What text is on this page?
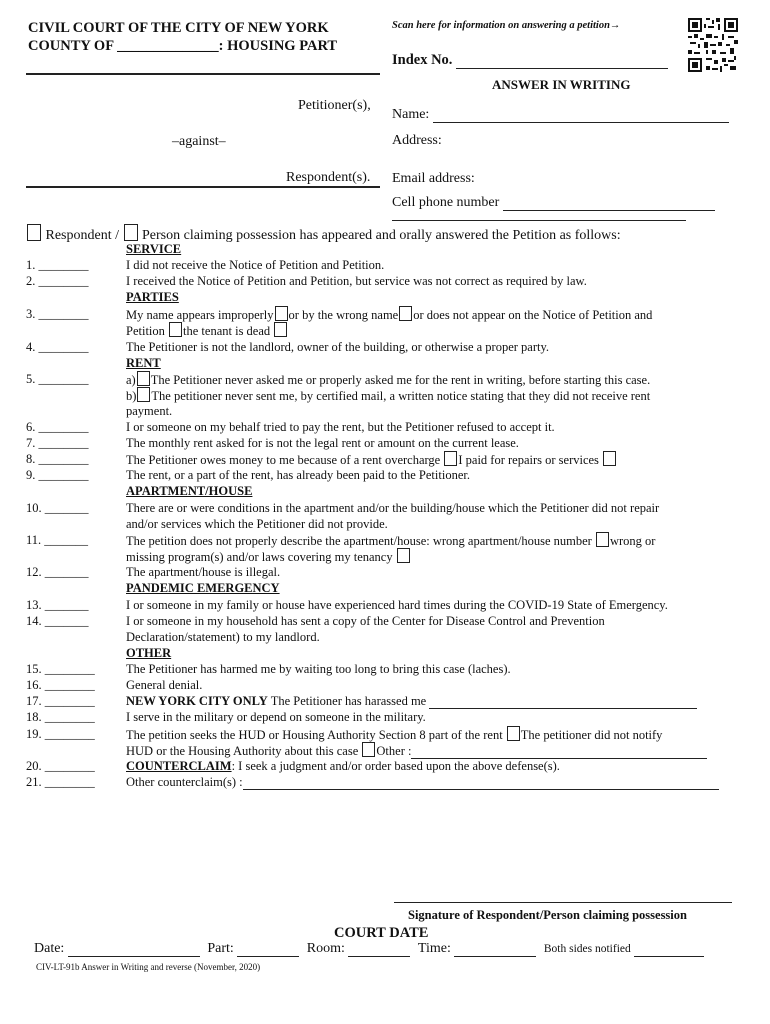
CIVIL COURT OF THE CITY OF NEW YORK
COUNTY OF ______________: HOUSING PART
Scan here for information on answering a petition→
Index No.
ANSWER IN WRITING
Petitioner(s),
–against–
Respondent(s).
Name:
Address:
Email address:
Cell phone number
Respondent / Person claiming possession has appeared and orally answered the Petition as follows:
SERVICE
1. ________	I did not receive the Notice of Petition and Petition.
2. ________	I received the Notice of Petition and Petition, but service was not correct as required by law.
PARTIES
3. ________	My name appears improperly or by the wrong name or does not appear on the Notice of Petition and
Petition the tenant is dead
4. ________	The Petitioner is not the landlord, owner of the building, or otherwise a proper party.
RENT
5. ________	a) The Petitioner never asked me or properly asked me for the rent in writing, before starting this case.
b) The petitioner never sent me, by certified mail, a written notice stating that they did not receive rent
payment.
6. ________	I or someone on my behalf tried to pay the rent, but the Petitioner refused to accept it.
7. ________	The monthly rent asked for is not the legal rent or amount on the current lease.
8. ________	The Petitioner owes money to me because of a rent overcharge I paid for repairs or services
9. ________	The rent, or a part of the rent, has already been paid to the Petitioner.
APARTMENT/HOUSE
10. _______	There are or were conditions in the apartment and/or the building/house which the Petitioner did not repair
and/or services which the Petitioner did not provide.
11. _______	The petition does not properly describe the apartment/house: wrong apartment/house number wrong or
missing program(s) and/or laws covering my tenancy
12. _______	The apartment/house is illegal.
PANDEMIC EMERGENCY
13. _______	I or someone in my family or house have experienced hard times during the COVID-19 State of Emergency.
14. _______	I or someone in my household has sent a copy of the Center for Disease Control and Prevention
Declaration/statement) to my landlord.
OTHER
15. ________	The Petitioner has harmed me by waiting too long to bring this case (laches).
16. ________	General denial.
17. ________	NEW YORK CITY ONLY The Petitioner has harassed me
18. ________	I serve in the military or depend on someone in the military.
19. ________	The petition seeks the HUD or Housing Authority Section 8 part of the rent The petitioner did not notify
HUD or the Housing Authority about this case Other :
20. ________	COUNTERCLAIM: I seek a judgment and/or order based upon the above defense(s).
21. ________	Other counterclaim(s) :
Signature of Respondent/Person claiming possession
COURT DATE
Date:	Part:	Room:	Time:	Both sides notified
CIV-LT-91b Answer in Writing and reverse (November, 2020)
